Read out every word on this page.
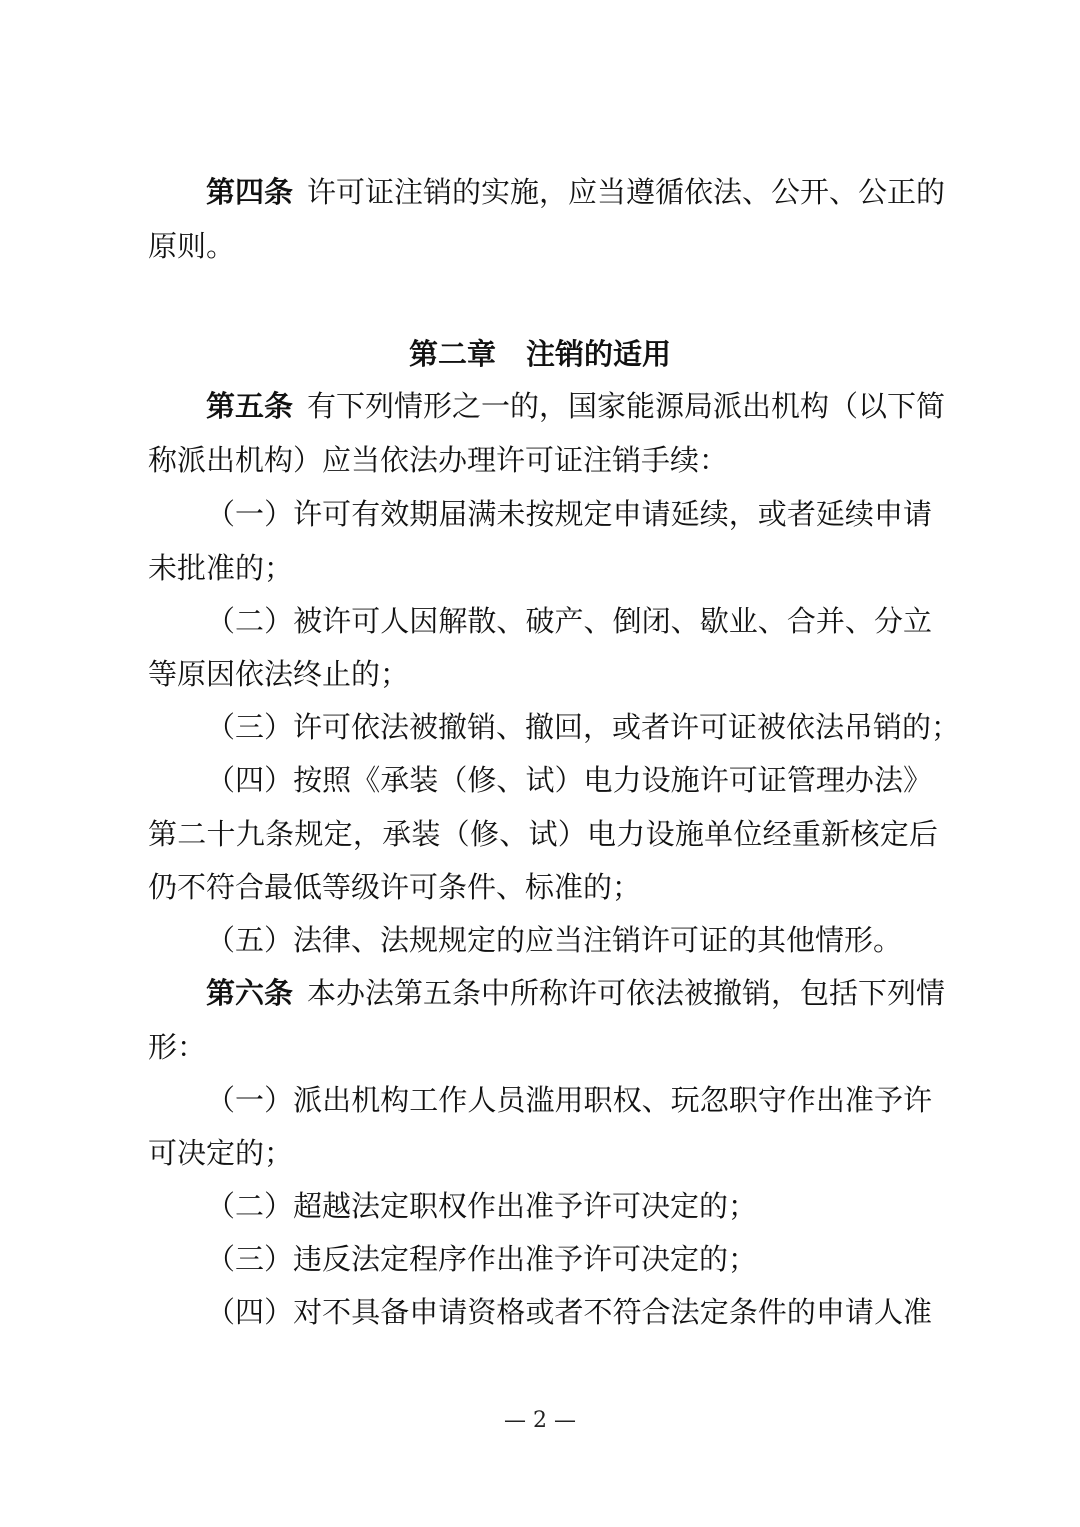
第四条 许可证注销的实施，应当遵循依法、公开、公正的
原则。
第二章 注销的适用
第五条 有下列情形之一的，国家能源局派出机构（以下简
称派出机构）应当依法办理许可证注销手续：
（一）许可有效期届满未按规定申请延续，或者延续申请
未批准的；
（二）被许可人因解散、破产、倒闭、歇业、合并、分立
等原因依法终止的；
（三）许可依法被撤销、撤回，或者许可证被依法吊销的；
（四）按照《承装（修、试）电力设施许可证管理办法》
第二十九条规定，承装（修、试）电力设施单位经重新核定后
仍不符合最低等级许可条件、标准的；
（五）法律、法规规定的应当注销许可证的其他情形。
第六条 本办法第五条中所称许可依法被撤销，包括下列情
形：
（一）派出机构工作人员滥用职权、玩忽职守作出准予许
可决定的；
（二）超越法定职权作出准予许可决定的；
（三）违反法定程序作出准予许可决定的；
（四）对不具备申请资格或者不符合法定条件的申请人准
— 2 —
